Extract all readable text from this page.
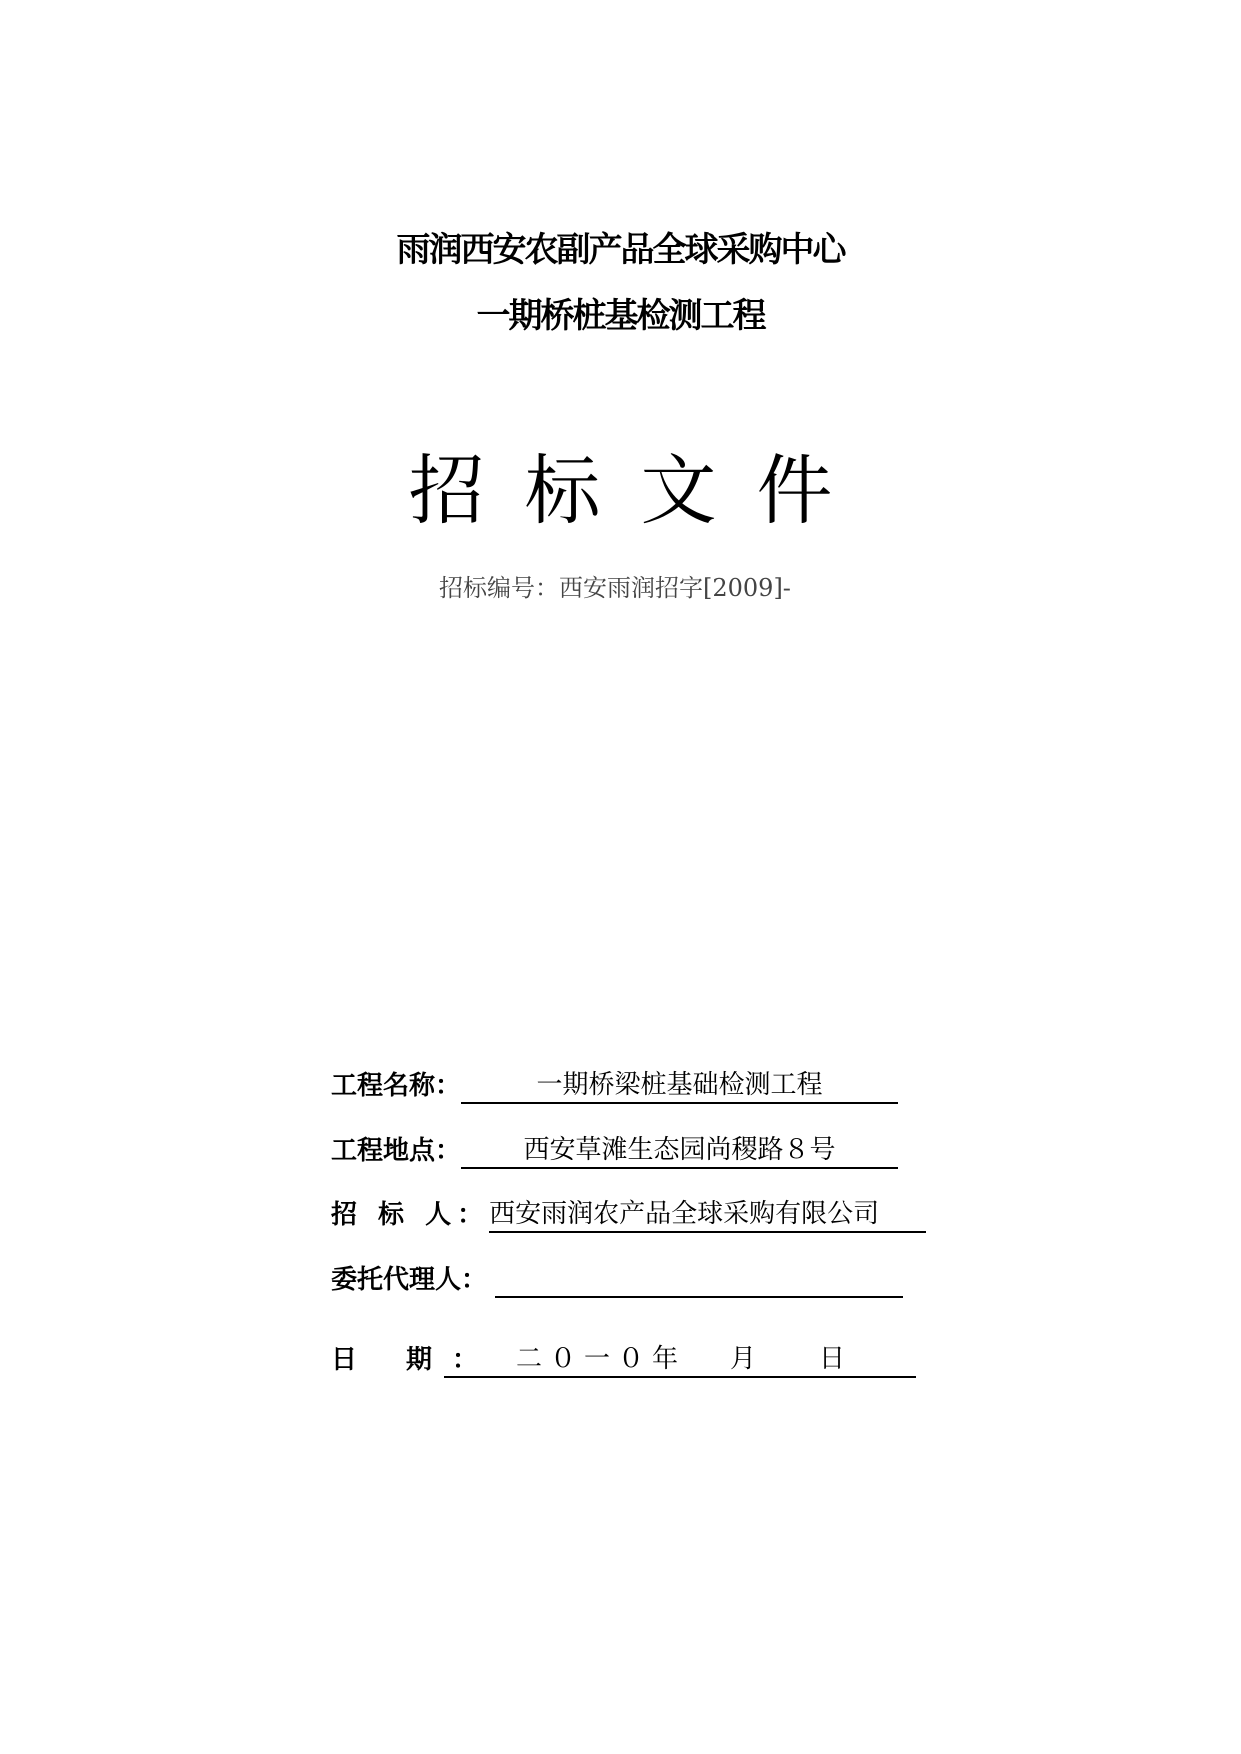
雨润西安农副产品全球采购中心
一期桥桩基检测工程
招标文件
招标编号：西安雨润招字[2009]-
工程名称：	一期桥梁桩基础检测工程
工程地点：	西安草滩生态园尚稷路８号
招 标 人： 西安雨润农产品全球采购有限公司
委托代理人：
日 期： 二０一０年 月 日
